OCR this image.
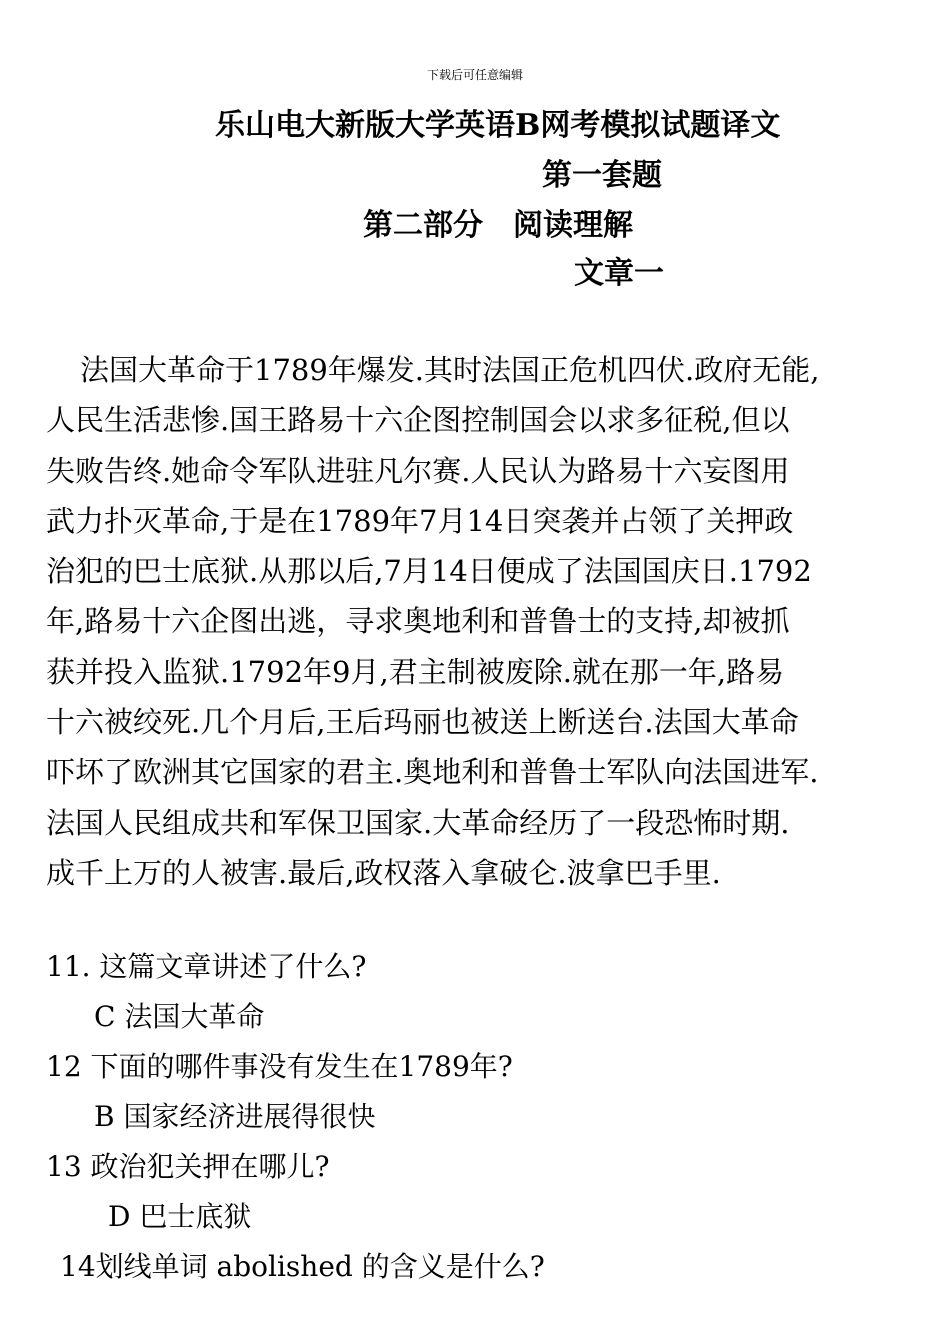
下载后可任意编辑
乐山电大新版大学英语B网考模拟试题译文
第一套题
第二部分　阅读理解
文章一

法国大革命于1789年爆发.其时法国正危机四伏.政府无能,

人民生活悲惨.国王路易十六企图控制国会以求多征税,但以

失败告终.她命令军队进驻凡尔赛.人民认为路易十六妄图用

武力扑灭革命,于是在1789年7月14日突袭并占领了关押政

治犯的巴士底狱.从那以后,7月14日便成了法国国庆日.1792

年,路易十六企图出逃，寻求奥地利和普鲁士的支持,却被抓

获并投入监狱.1792年9月,君主制被废除.就在那一年,路易

十六被绞死.几个月后,王后玛丽也被送上断送台.法国大革命

吓坏了欧洲其它国家的君主.奥地利和普鲁士军队向法国进军.

法国人民组成共和军保卫国家.大革命经历了一段恐怖时期.

成千上万的人被害.最后,政权落入拿破仑.波拿巴手里.

11. 这篇文章讲述了什么?
C 法国大革命
12 下面的哪件事没有发生在1789年?
B 国家经济进展得很快
13 政治犯关押在哪儿?
D 巴士底狱
14划线单词 abolished 的含义是什么?
